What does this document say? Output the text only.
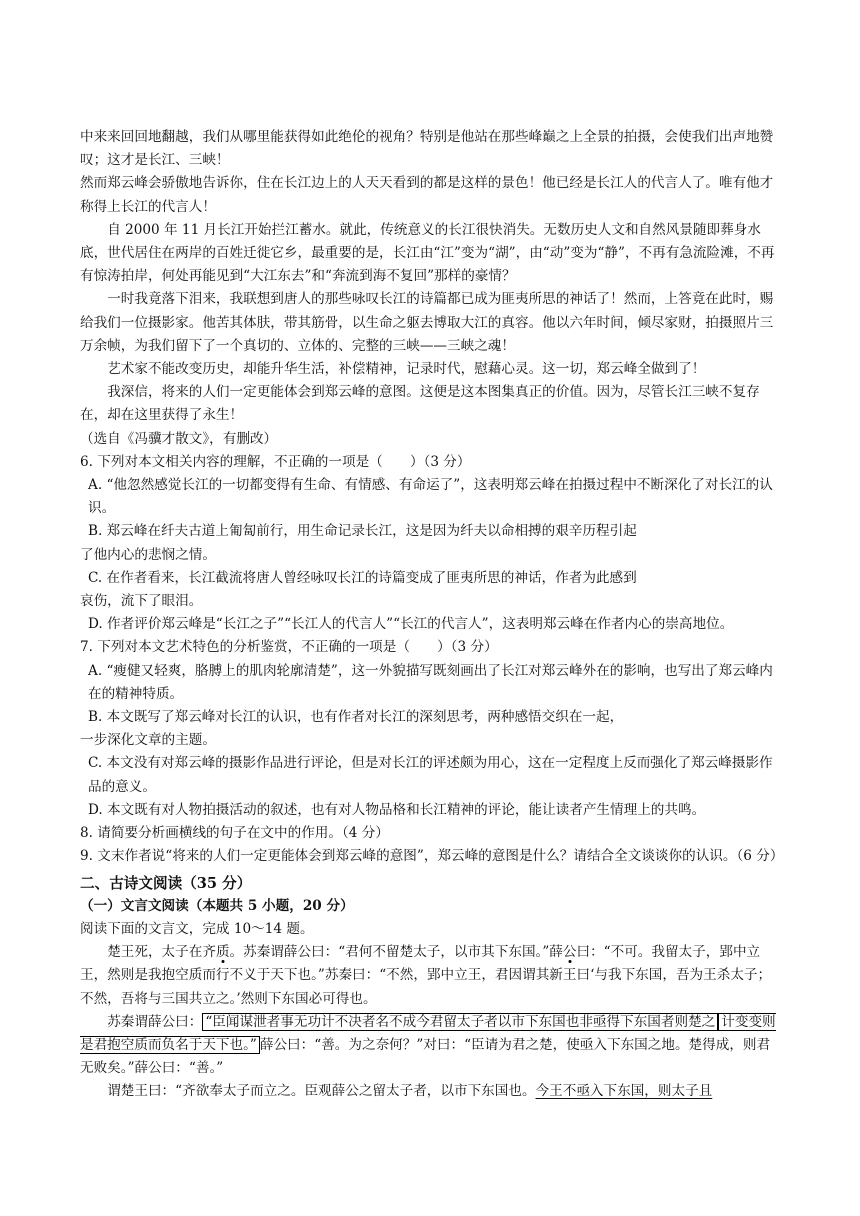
中来来回回地翻越，我们从哪里能获得如此绝伦的视角？特别是他站在那些峰巅之上全景的拍摄，会使我们出声地赞叹；这才是长江、三峡！

然而郑云峰会骄傲地告诉你，住在长江边上的人天天看到的都是这样的景色！他已经是长江人的代言人了。唯有他才称得上长江的代言人！

自 2000 年 11 月长江开始拦江蓄水。就此，传统意义的长江很快消失。无数历史人文和自然风景随即葬身水底，世代居住在两岸的百姓迁徙它乡，最重要的是，长江由“江”变为“湖”，由“动”变为“静”，不再有急流险滩，不再有惊涛拍岸，何处再能见到“大江东去”和“奔流到海不复回”那样的豪情？

一时我竟落下泪来，我联想到唐人的那些咏叹长江的诗篇都已成为匪夷所思的神话了！然而，上答竟在此时，赐给我们一位摄影家。他苦其体肤，带其筋骨，以生命之躯去博取大江的真容。他以六年时间，倾尽家财，拍摄照片三万余帧，为我们留下了一个真切的、立体的、完整的三峡——三峡之魂！

艺术家不能改变历史，却能升华生活，补偿精神，记录时代，慰藉心灵。这一切，郑云峰全做到了！

我深信，将来的人们一定更能体会到郑云峰的意图。这便是这本图集真正的价值。因为，尽管长江三峡不复存在，却在这里获得了永生！

（选自《冯骥才散文》，有删改）

6. 下列对本文相关内容的理解，不正确的一项是（　　）（3 分）

A. “他忽然感觉长江的一切都变得有生命、有情感、有命运了”，这表明郑云峰在拍摄过程中不断深化了对长江的认识。

B. 郑云峰在纤夫古道上匍匐前行，用生命记录长江，这是因为纤夫以命相搏的艰辛历程引起

了他内心的悲悯之情。

C. 在作者看来，长江截流将唐人曾经咏叹长江的诗篇变成了匪夷所思的神话，作者为此感到

哀伤，流下了眼泪。

D. 作者评价郑云峰是“长江之子”“长江人的代言人”“长江的代言人”，这表明郑云峰在作者内心的崇高地位。

7. 下列对本文艺术特色的分析鉴赏，不正确的一项是（　　）（3 分）

A. “瘦健又轻爽，胳膊上的肌肉轮廓清楚”，这一外貌描写既刻画出了长江对郑云峰外在的影响，也写出了郑云峰内在的精神特质。

B. 本文既写了郑云峰对长江的认识，也有作者对长江的深刻思考，两种感悟交织在一起，

一步深化文章的主题。

C. 本文没有对郑云峰的摄影作品进行评论，但是对长江的评述颇为用心，这在一定程度上反而强化了郑云峰摄影作品的意义。

D. 本文既有对人物拍摄活动的叙述，也有对人物品格和长江精神的评论，能让读者产生情理上的共鸣。

8. 请简要分析画横线的句子在文中的作用。（4 分）

9. 文末作者说“将来的人们一定更能体会到郑云峰的意图”，郑云峰的意图是什么？请结合全文谈谈你的认识。（6 分）

二、古诗文阅读（35 分）

（一）文言文阅读（本题共 5 小题，20 分）

阅读下面的文言文，完成 10～14 题。

楚王死，太子在齐质。苏秦谓薛公曰：“君何不留楚太子，以市其下东国。”薛公曰：“不可。我留太子，郢中立王，然则是我抱空质而行不义于天下也。”苏秦曰：“不然，郢中立王，君因谓其新王曰‘与我下东国，吾为王杀太子；不然，吾将与三国共立之。’然则下东国必可得也。

苏秦谓薛公曰： “臣闻谋泄者事无功计不决者名不成今君留太子者以市下东国也非亟得下东国者则楚之 计变变则是君抱空质而负名于天下也。” 薛公曰：“善。为之奈何？”对曰：“臣请为君之楚，使亟入下东国之地。楚得成，则君无败矣。”薛公曰：“善。”

谓楚王曰：“齐欲奉太子而立之。臣观薛公之留太子者，以市下东国也。今王不亟入下东国，则太子且
